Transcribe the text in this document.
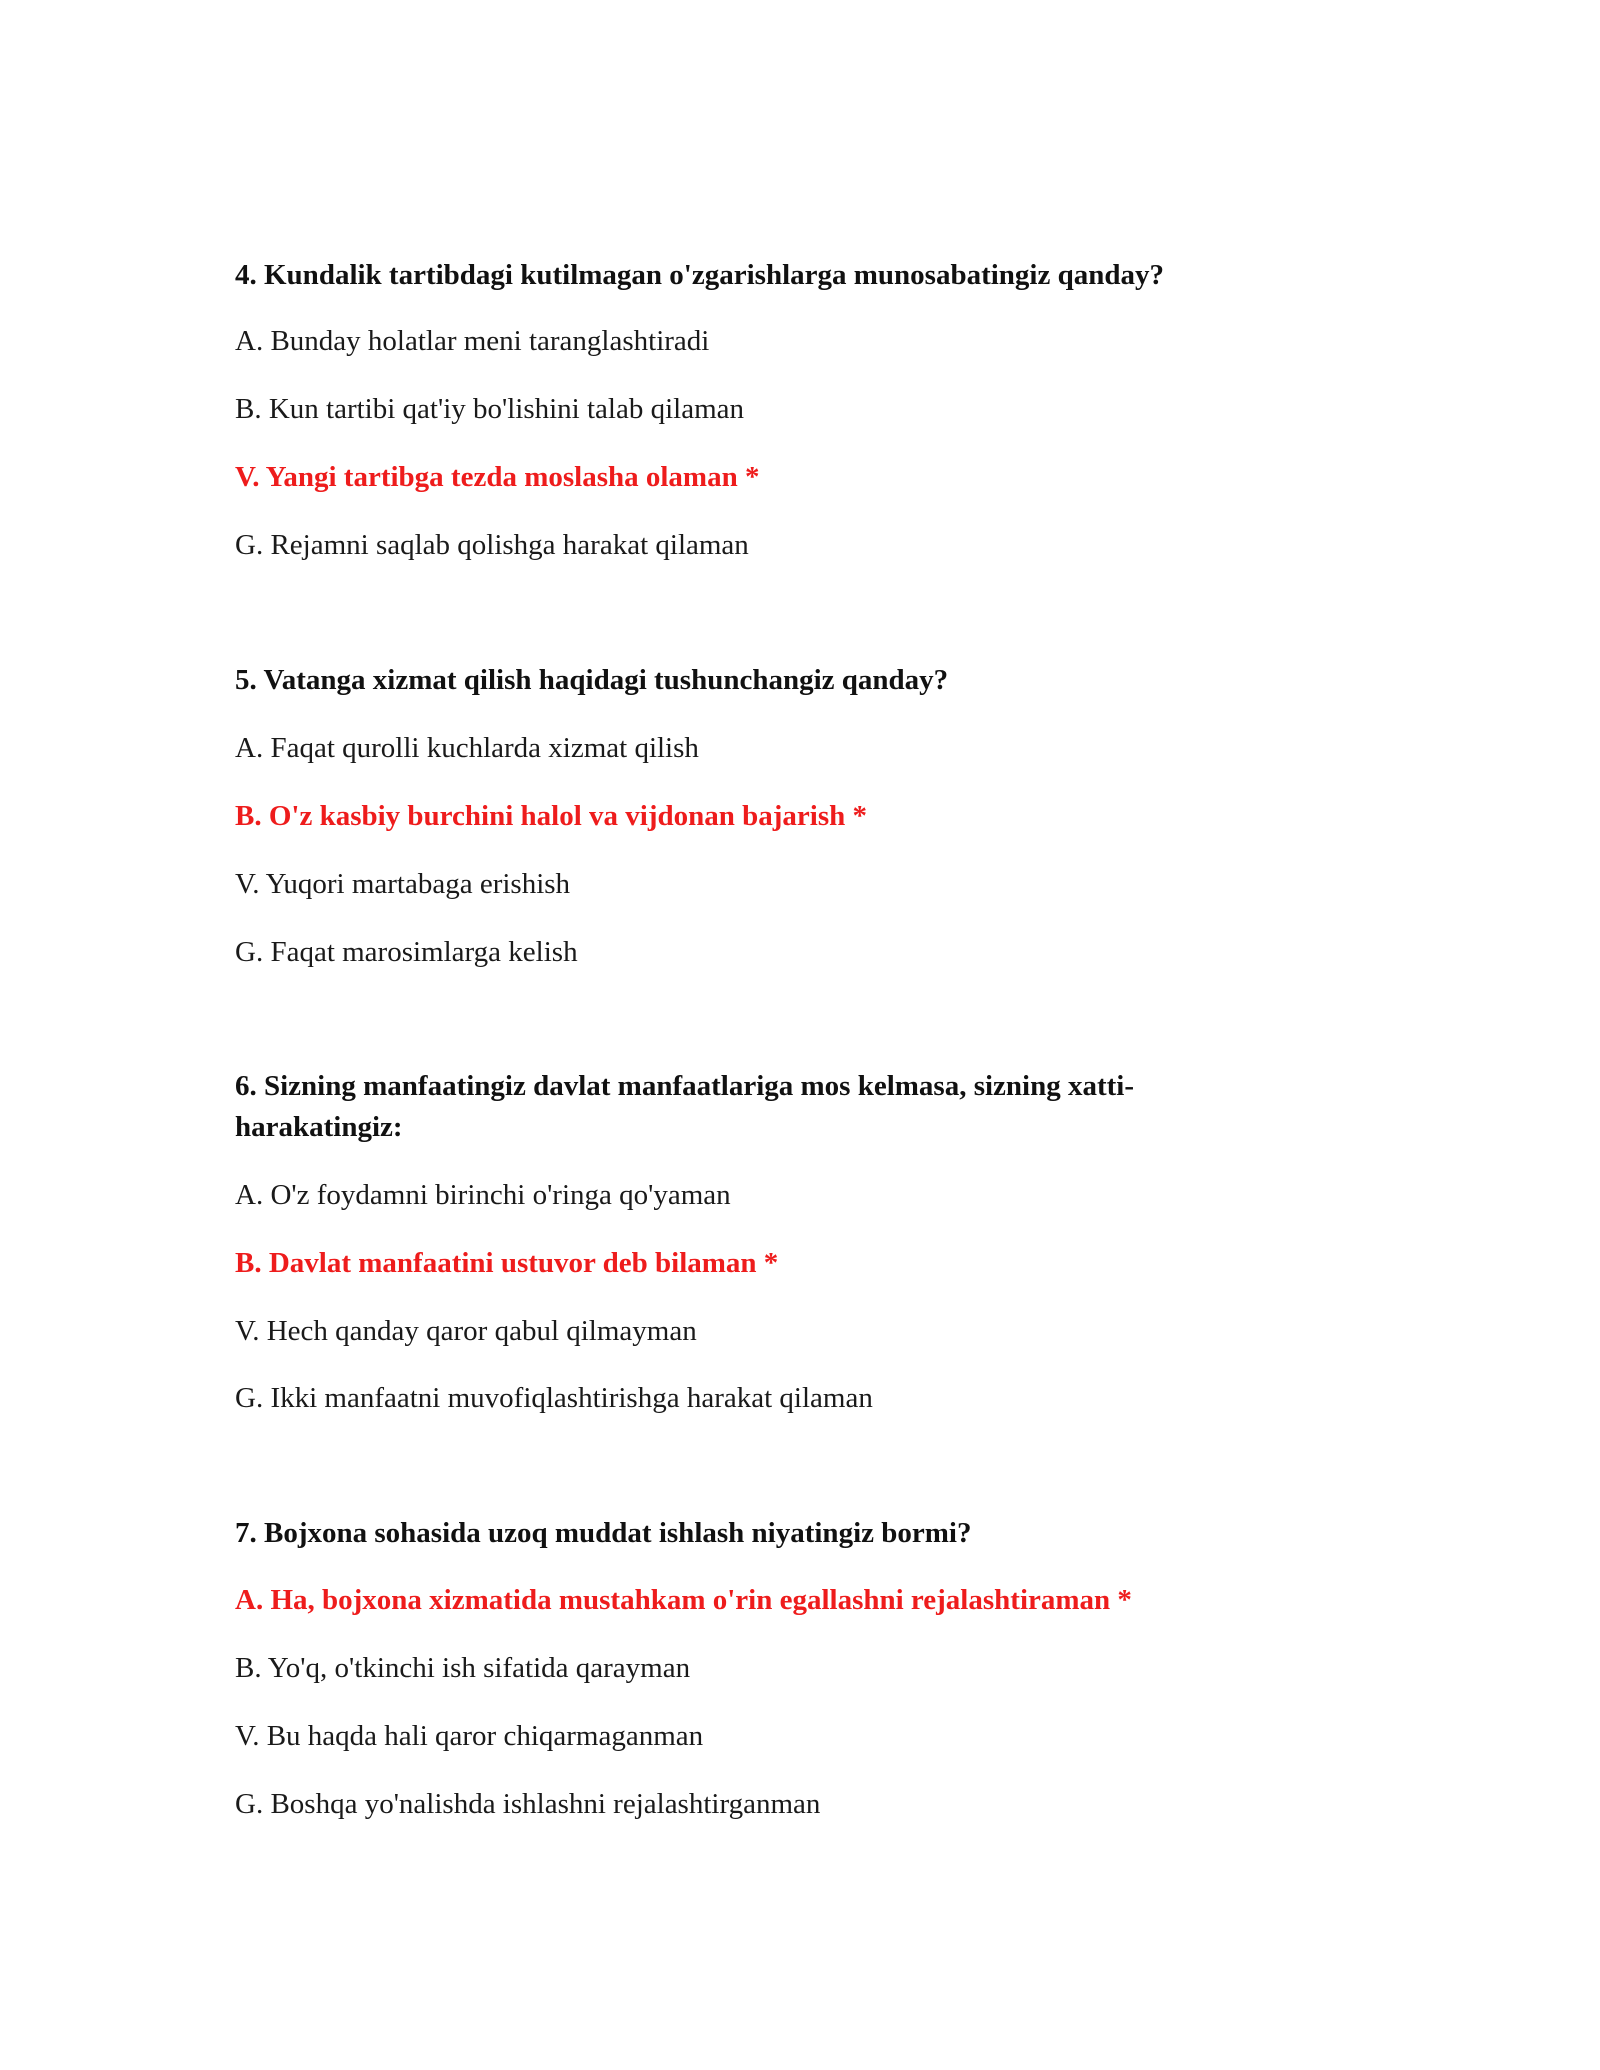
4. Kundalik tartibdagi kutilmagan o'zgarishlarga munosabatingiz qanday?

A. Bunday holatlar meni taranglashtiradi

B. Kun tartibi qat'iy bo'lishini talab qilaman

V. Yangi tartibga tezda moslasha olaman *

G. Rejamni saqlab qolishga harakat qilaman

5. Vatanga xizmat qilish haqidagi tushunchangiz qanday?

A. Faqat qurolli kuchlarda xizmat qilish

B. O'z kasbiy burchini halol va vijdonan bajarish *

V. Yuqori martabaga erishish

G. Faqat marosimlarga kelish

6. Sizning manfaatingiz davlat manfaatlariga mos kelmasa, sizning xatti-harakatingiz:

A. O'z foydamni birinchi o'ringa qo'yaman

B. Davlat manfaatini ustuvor deb bilaman *

V. Hech qanday qaror qabul qilmayman

G. Ikki manfaatni muvofiqlashtirishga harakat qilaman

7. Bojxona sohasida uzoq muddat ishlash niyatingiz bormi?

A. Ha, bojxona xizmatida mustahkam o'rin egallashni rejalashtiraman *

B. Yo'q, o'tkinchi ish sifatida qarayman

V. Bu haqda hali qaror chiqarmaganman

G. Boshqa yo'nalishda ishlashni rejalashtirganman
